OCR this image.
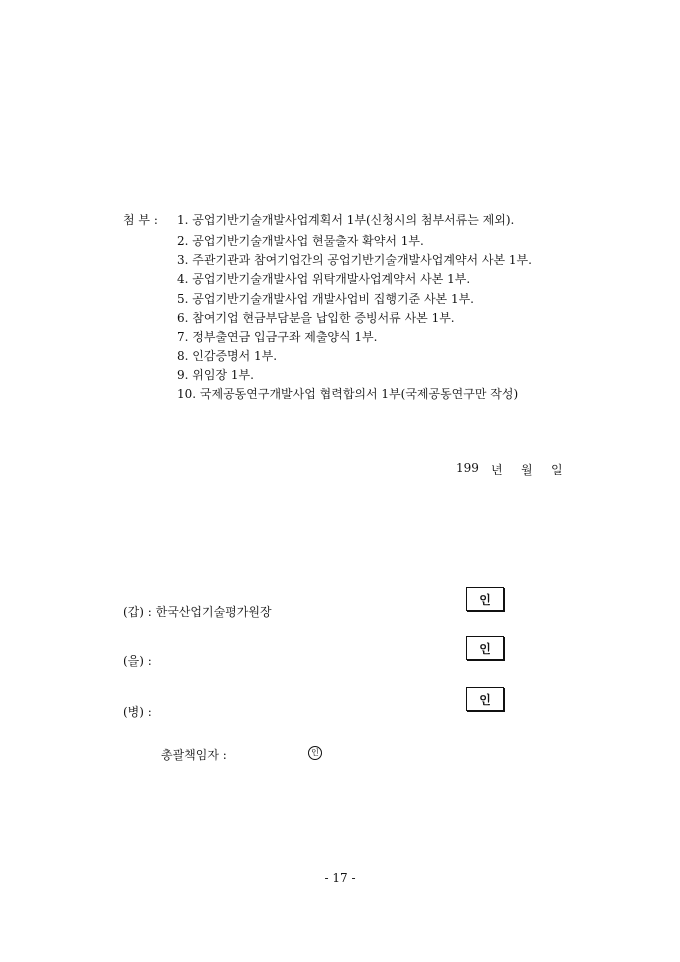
첨 부 : 1. 공업기반기술개발사업계획서 1부(신청시의 첨부서류는 제외).
2. 공업기반기술개발사업 현물출자 확약서 1부.
3. 주관기관과 참여기업간의 공업기반기술개발사업계약서 사본 1부.
4. 공업기반기술개발사업 위탁개발사업계약서 사본 1부.
5. 공업기반기술개발사업 개발사업비 집행기준 사본 1부.
6. 참여기업 현금부담분을 납입한 증빙서류 사본 1부.
7. 정부출연금 입금구좌 제출양식 1부.
8. 인감증명서 1부.
9. 위임장 1부.
10. 국제공동연구개발사업 협력합의서 1부(국제공동연구만 작성)
199 년 월 일
인
(갑) : 한국산업기술평가원장
인
(을) :
인
(병) :
총괄책임자 :	인
- 17 -
